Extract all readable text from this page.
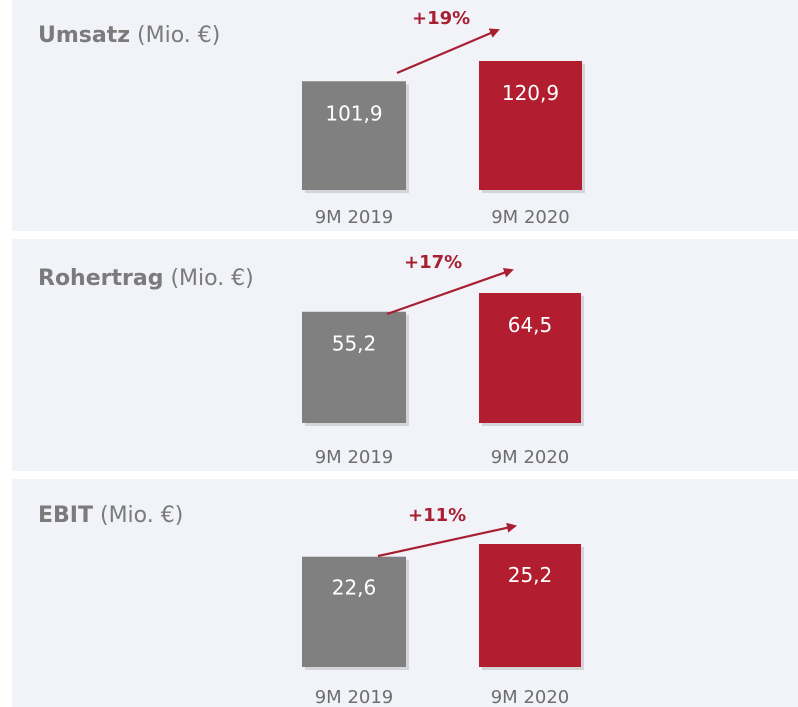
Umsatz (Mio. €)
101,9
9M 2019
120,9
9M 2020
+19%
Rohertrag (Mio. €)
55,2
9M 2019
64,5
9M 2020
+17%
EBIT (Mio. €)
22,6
9M 2019
25,2
9M 2020
+11%
